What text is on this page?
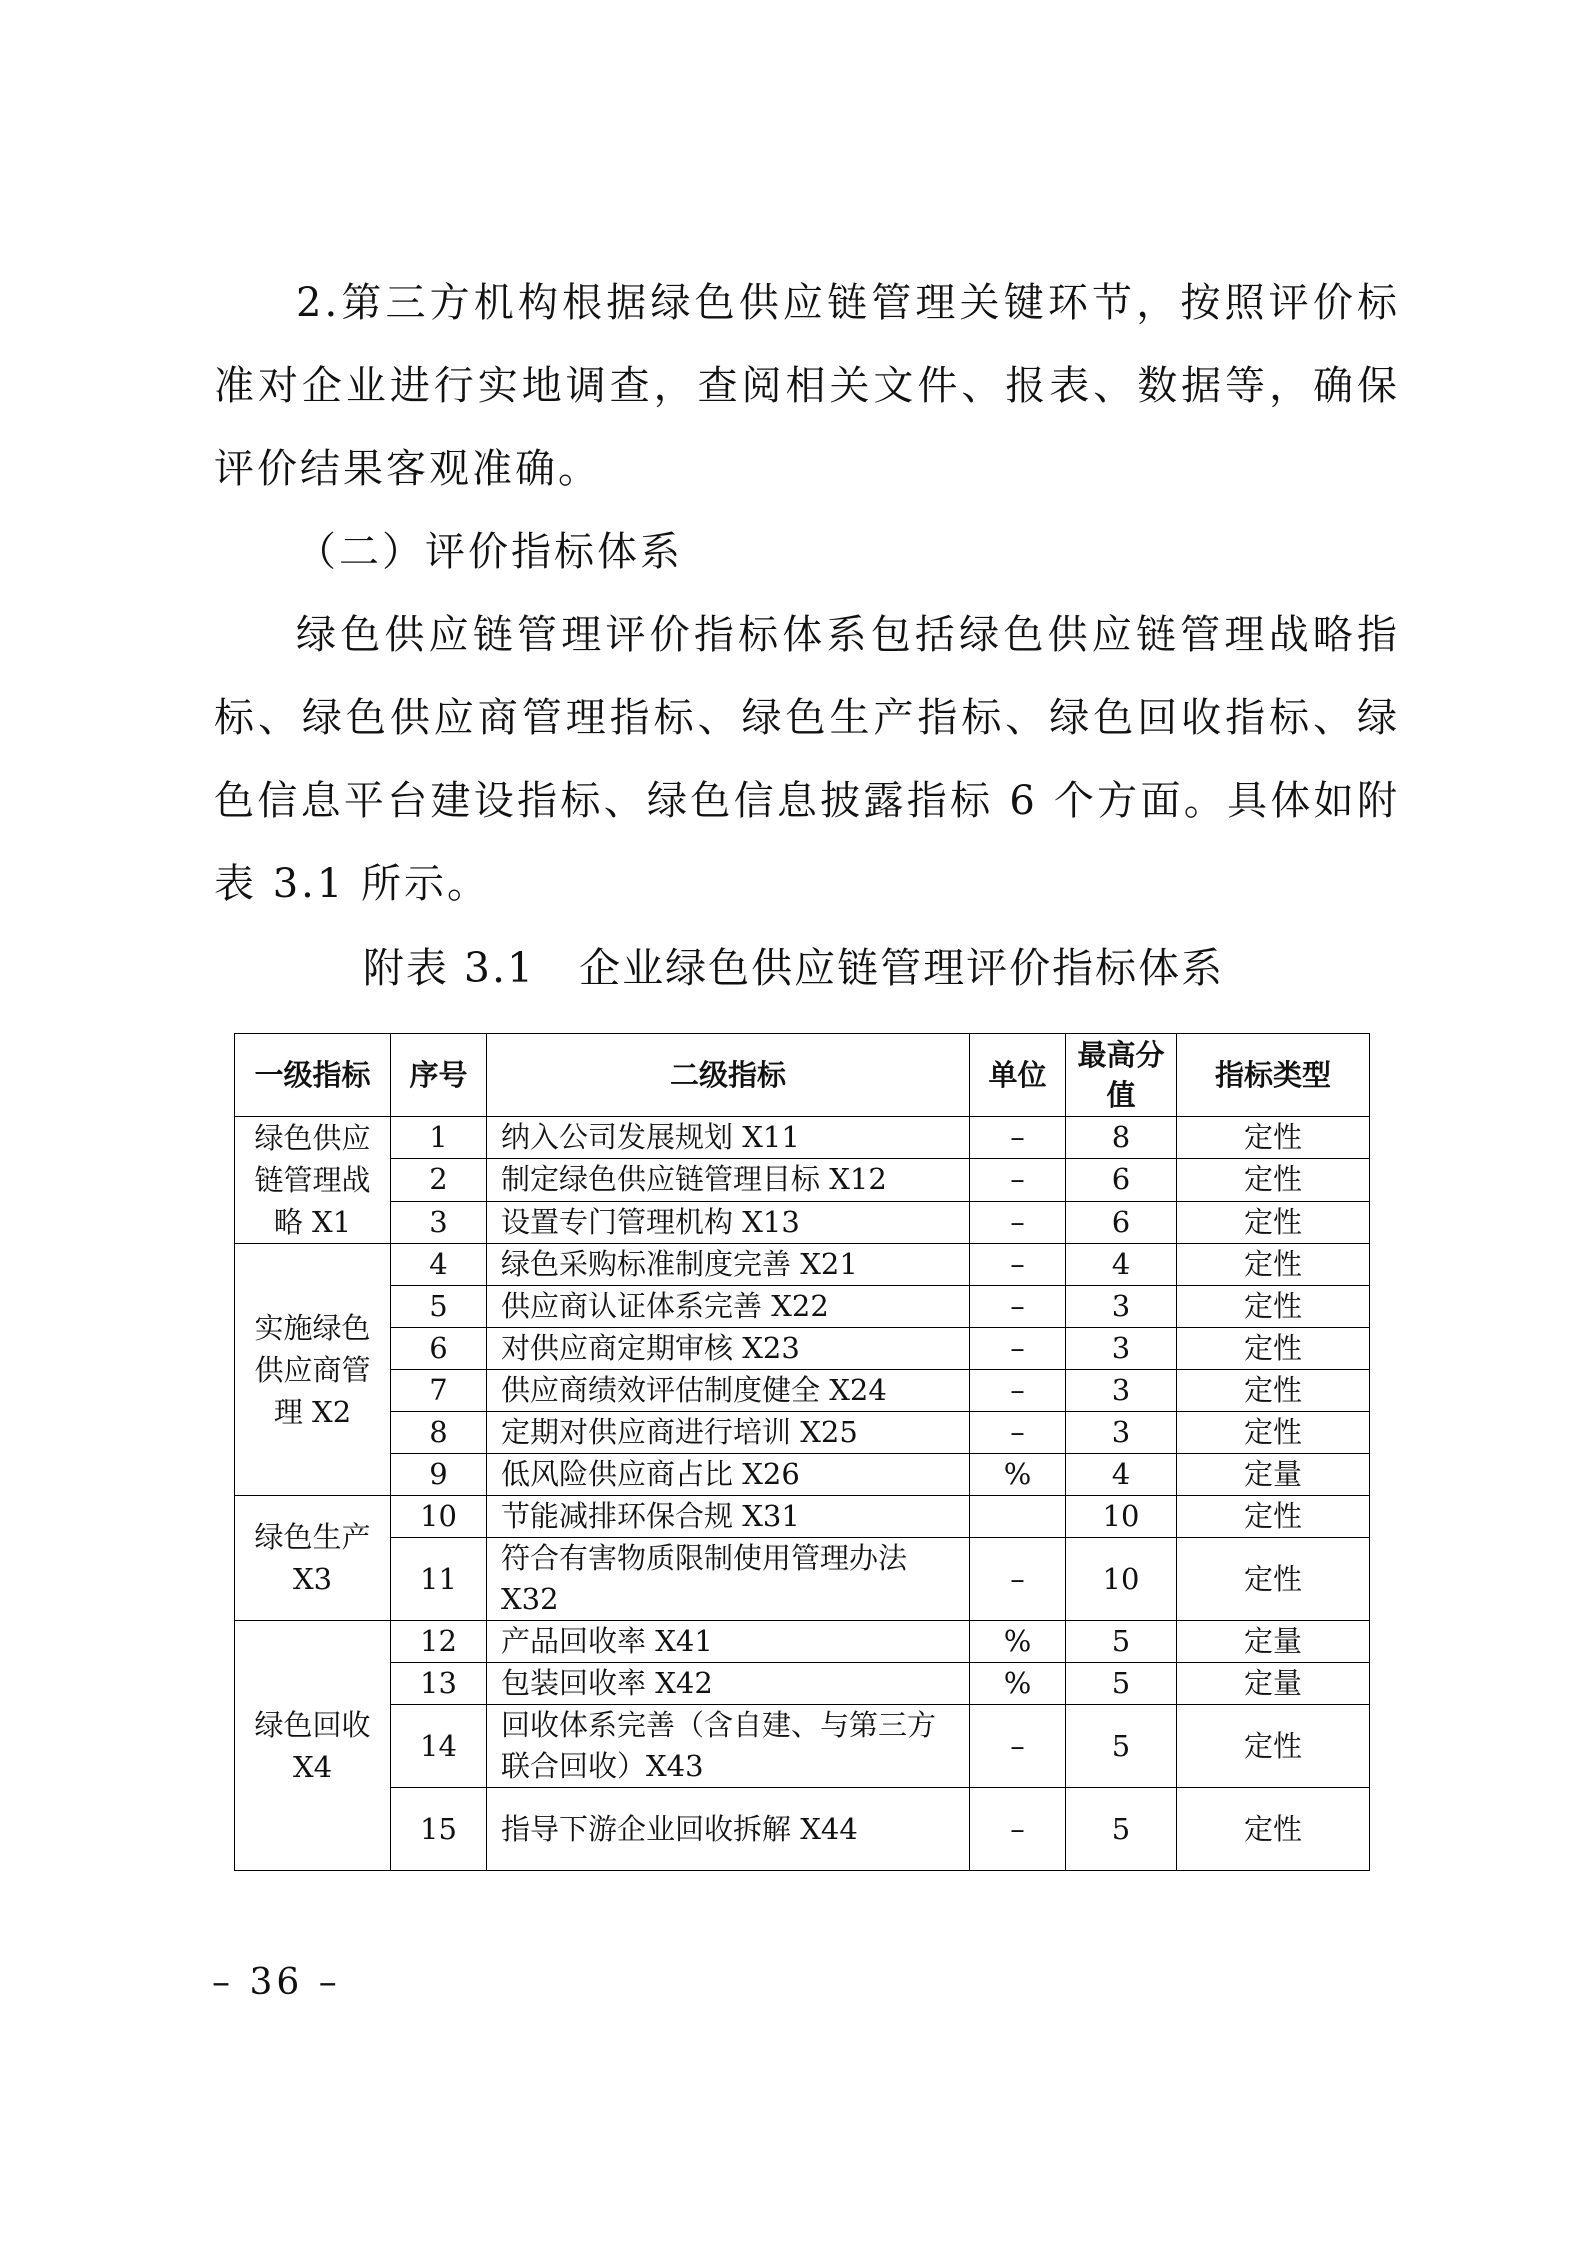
2.第三方机构根据绿色供应链管理关键环节，按照评价标准对企业进行实地调查，查阅相关文件、报表、数据等，确保评价结果客观准确。

（二）评价指标体系

绿色供应链管理评价指标体系包括绿色供应链管理战略指标、绿色供应商管理指标、绿色生产指标、绿色回收指标、绿色信息平台建设指标、绿色信息披露指标 6 个方面。具体如附表 3.1 所示。

附表 3.1 企业绿色供应链管理评价指标体系

一级指标	序号	二级指标	单位	最高分值	指标类型
绿色供应链管理战略 X1	1	纳入公司发展规划 X11	–	8	定性
	2	制定绿色供应链管理目标 X12	–	6	定性
	3	设置专门管理机构 X13	–	6	定性
实施绿色供应商管理 X2	4	绿色采购标准制度完善 X21	–	4	定性
	5	供应商认证体系完善 X22	–	3	定性
	6	对供应商定期审核 X23	–	3	定性
	7	供应商绩效评估制度健全 X24	–	3	定性
	8	定期对供应商进行培训 X25	–	3	定性
	9	低风险供应商占比 X26	%	4	定量
绿色生产X3	10	节能减排环保合规 X31		10	定性
	11	符合有害物质限制使用管理办法 X32	–	10	定性
绿色回收X4	12	产品回收率 X41	%	5	定量
	13	包装回收率 X42	%	5	定量
	14	回收体系完善（含自建、与第三方联合回收）X43	–	5	定性
	15	指导下游企业回收拆解 X44	–	5	定性

– 36 –
